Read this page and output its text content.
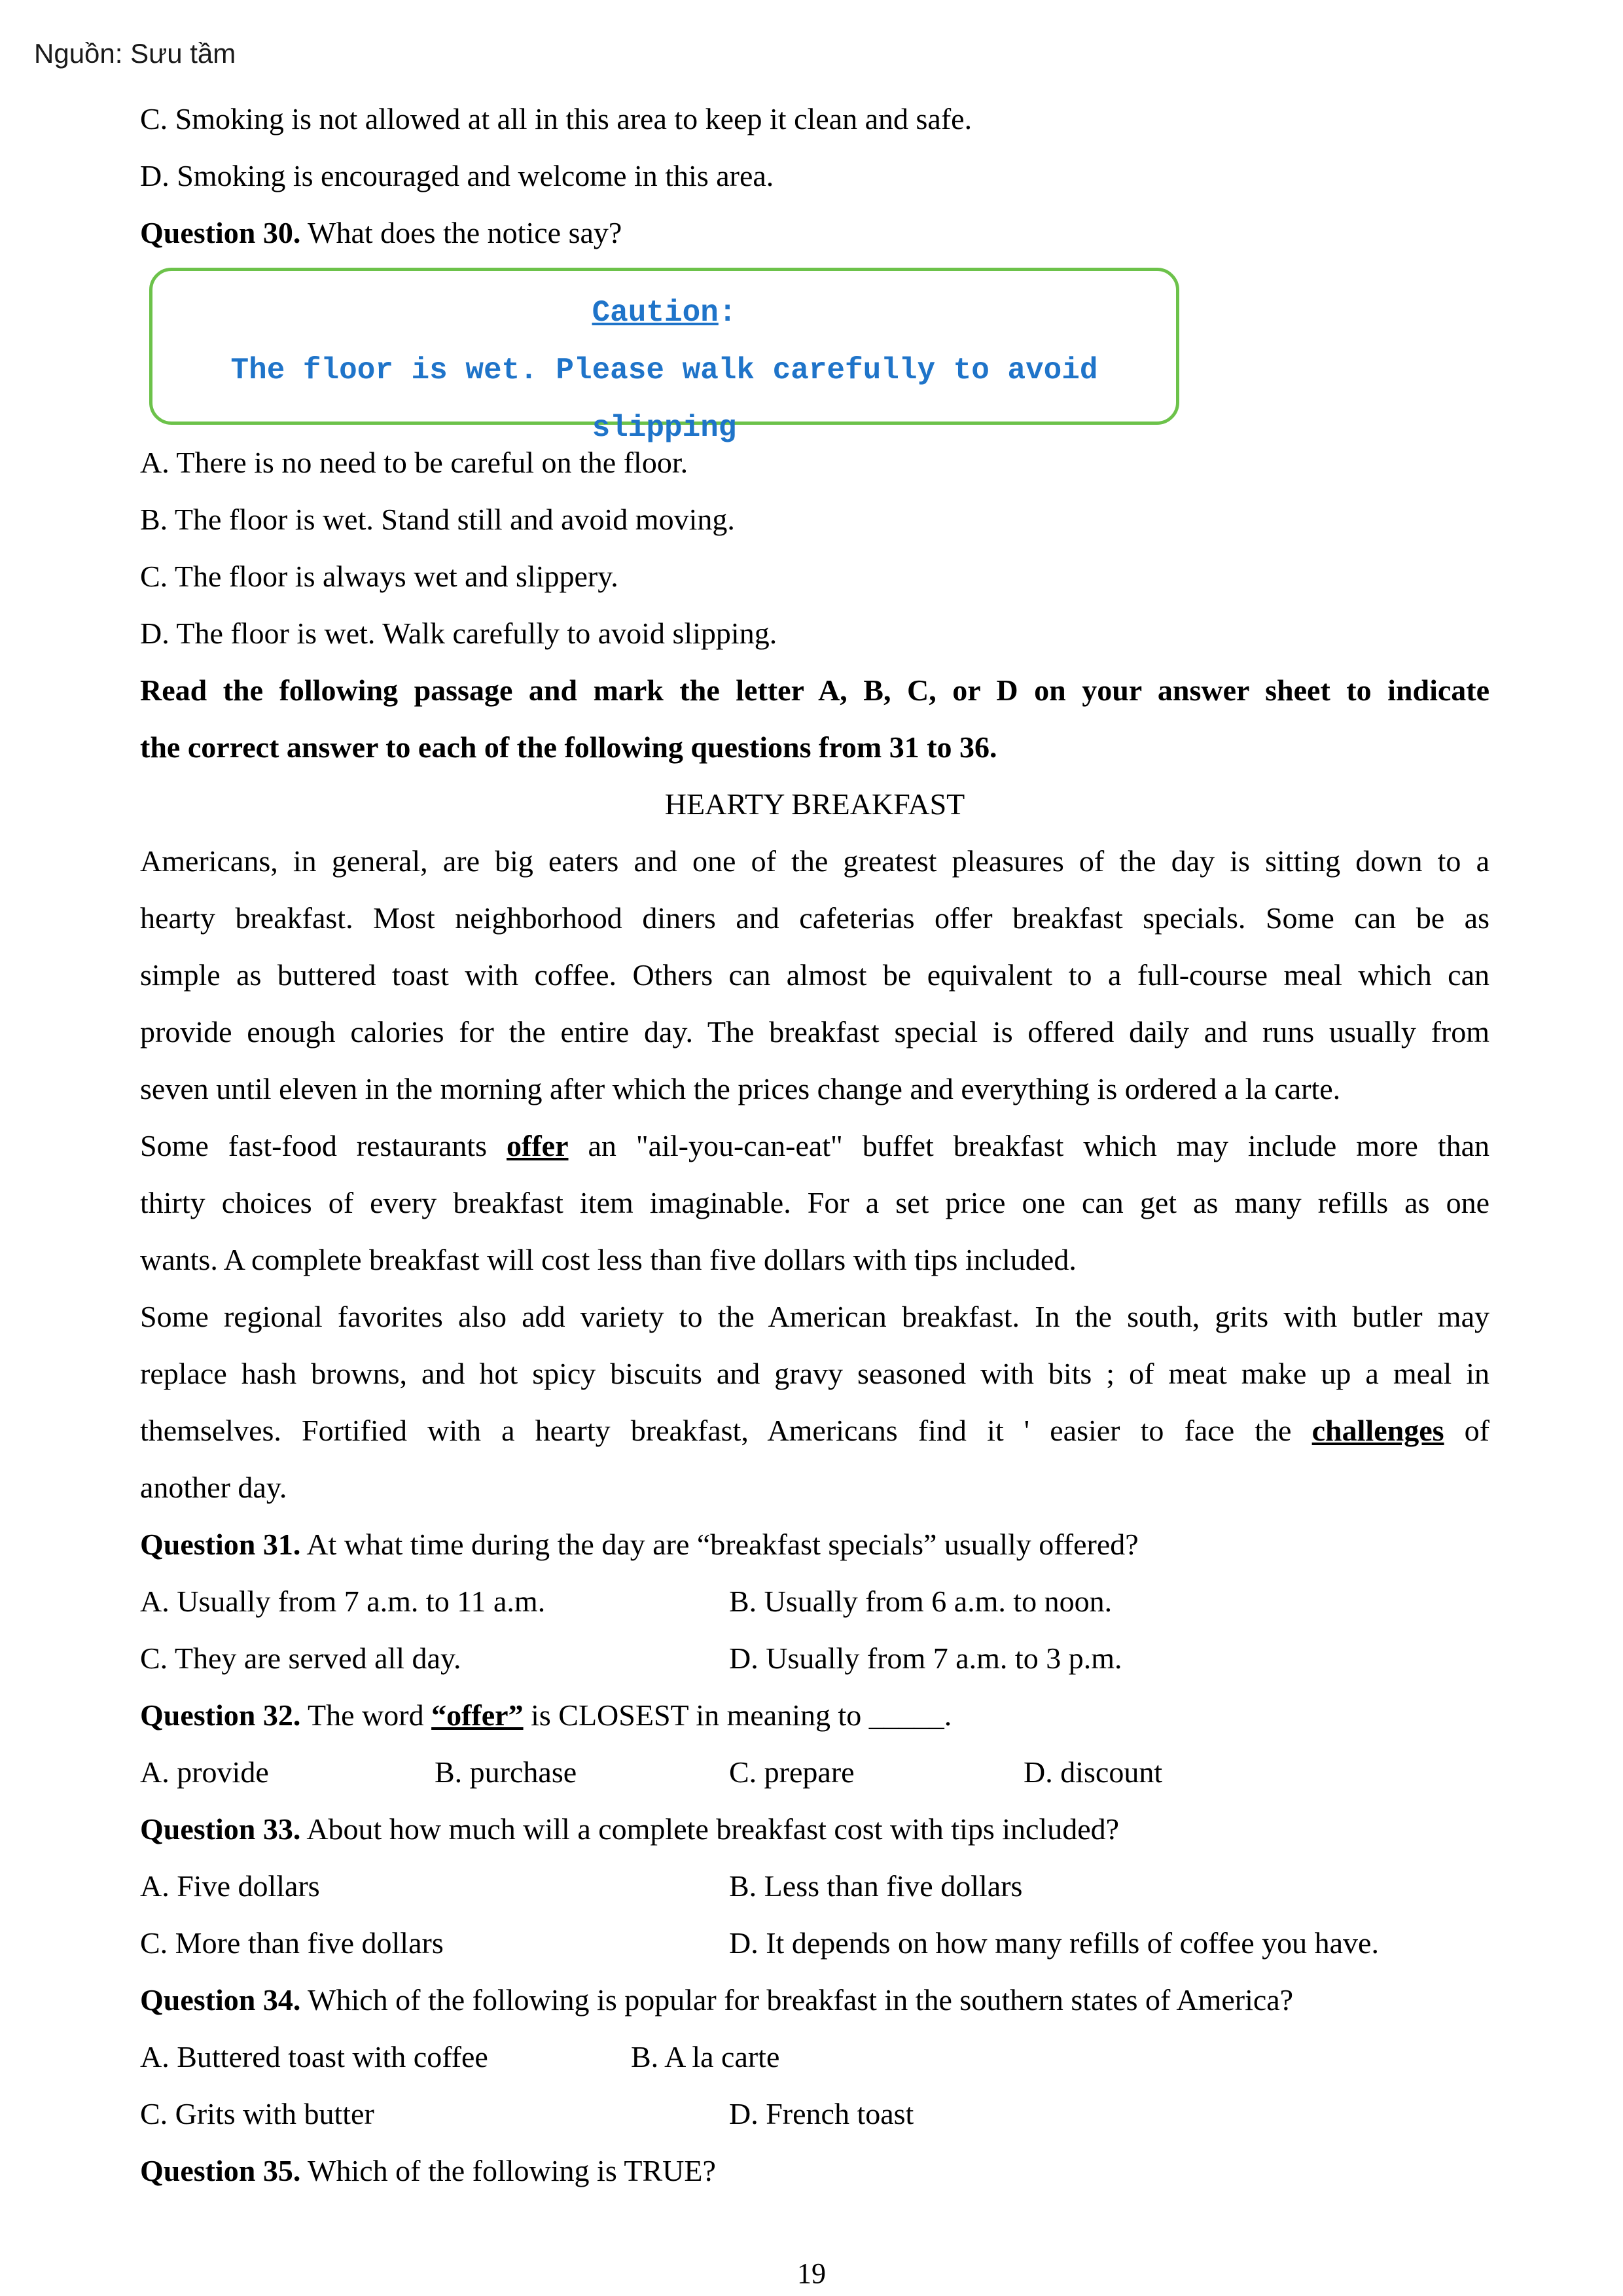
Nguồn: Sưu tầm

C. Smoking is not allowed at all in this area to keep it clean and safe.

D. Smoking is encouraged and welcome in this area.

Question 30. What does the notice say?

Caution:
The floor is wet. Please walk carefully to avoid slipping

A. There is no need to be careful on the floor.

B. The floor is wet. Stand still and avoid moving.

C. The floor is always wet and slippery.

D. The floor is wet. Walk carefully to avoid slipping.

Read the following passage and mark the letter A, B, C, or D on your answer sheet to indicate

the correct answer to each of the following questions from 31 to 36.

HEARTY BREAKFAST

Americans, in general, are big eaters and one of the greatest pleasures of the day is sitting down to a

hearty breakfast. Most neighborhood diners and cafeterias offer breakfast specials. Some can be as

simple as buttered toast with coffee. Others can almost be equivalent to a full-course meal which can

provide enough calories for the entire day. The breakfast special is offered daily and runs usually from

seven until eleven in the morning after which the prices change and everything is ordered a la carte.

Some fast-food restaurants offer an "ail-you-can-eat" buffet breakfast which may include more than

thirty choices of every breakfast item imaginable. For a set price one can get as many refills as one

wants. A complete breakfast will cost less than five dollars with tips included.

Some regional favorites also add variety to the American breakfast. In the south, grits with butler may

replace hash browns, and hot spicy biscuits and gravy seasoned with bits ; of meat make up a meal in

themselves. Fortified with a hearty breakfast, Americans find it ' easier to face the challenges of

another day.

Question 31. At what time during the day are “breakfast specials” usually offered?

A. Usually from 7 a.m. to 11 a.m.	B. Usually from 6 a.m. to noon.
C. They are served all day.	D. Usually from 7 a.m. to 3 p.m.

Question 32. The word “offer” is CLOSEST in meaning to _____.

A. provide	B. purchase	C. prepare	D. discount

Question 33. About how much will a complete breakfast cost with tips included?

A. Five dollars	B. Less than five dollars
C. More than five dollars	D. It depends on how many refills of coffee you have.

Question 34. Which of the following is popular for breakfast in the southern states of America?

A. Buttered toast with coffee	B. A la carte
C. Grits with butter	D. French toast

Question 35. Which of the following is TRUE?

19
